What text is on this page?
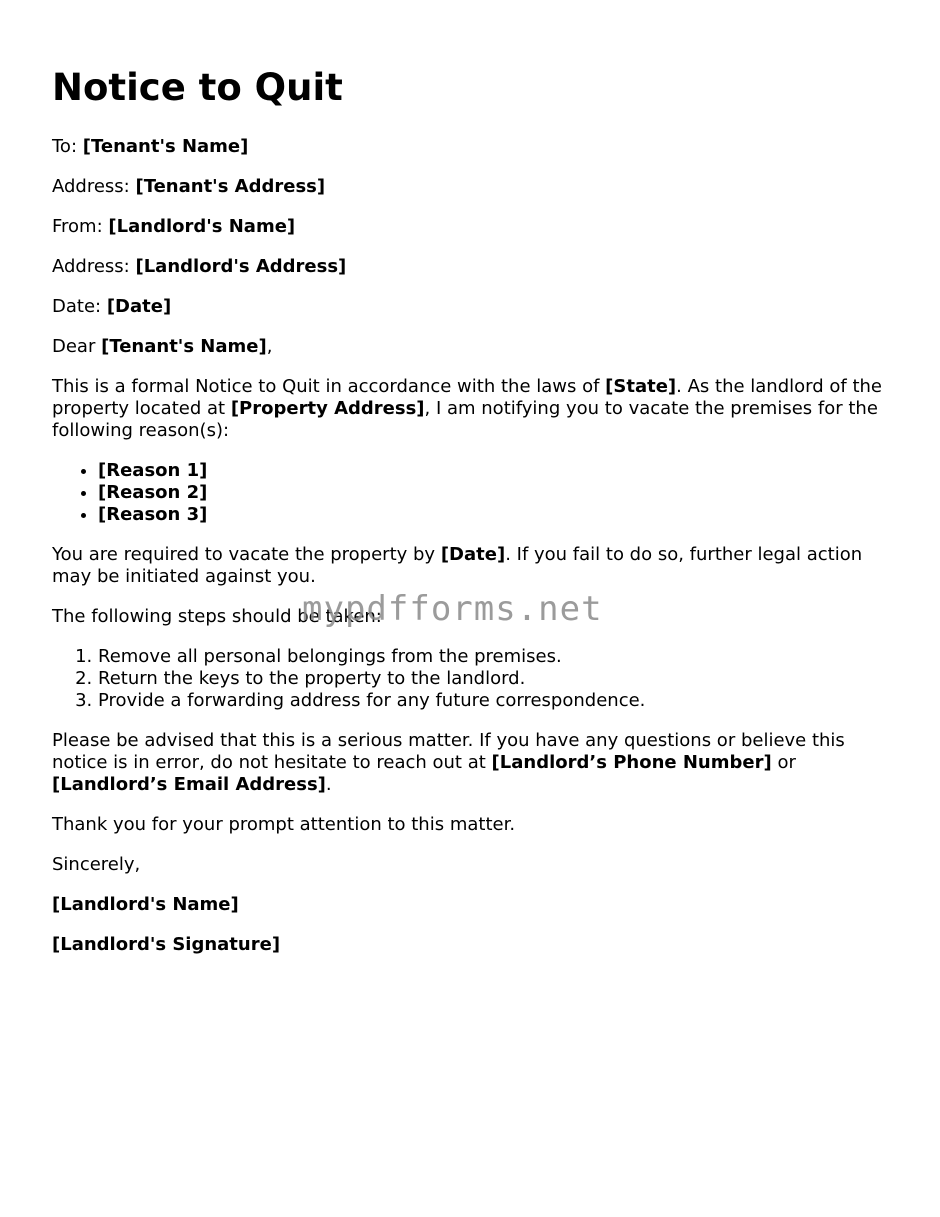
Notice to Quit

To: [Tenant's Name]

Address: [Tenant's Address]

From: [Landlord's Name]

Address: [Landlord's Address]

Date: [Date]

Dear [Tenant's Name],

This is a formal Notice to Quit in accordance with the laws of [State]. As the landlord of the property located at [Property Address], I am notifying you to vacate the premises for the following reason(s):

• [Reason 1]
• [Reason 2]
• [Reason 3]

You are required to vacate the property by [Date]. If you fail to do so, further legal action may be initiated against you.

The following steps should be taken:

1. Remove all personal belongings from the premises.
2. Return the keys to the property to the landlord.
3. Provide a forwarding address for any future correspondence.

Please be advised that this is a serious matter. If you have any questions or believe this notice is in error, do not hesitate to reach out at [Landlord’s Phone Number] or [Landlord’s Email Address].

Thank you for your prompt attention to this matter.

Sincerely,

[Landlord's Name]

[Landlord's Signature]

mypdfforms.net
